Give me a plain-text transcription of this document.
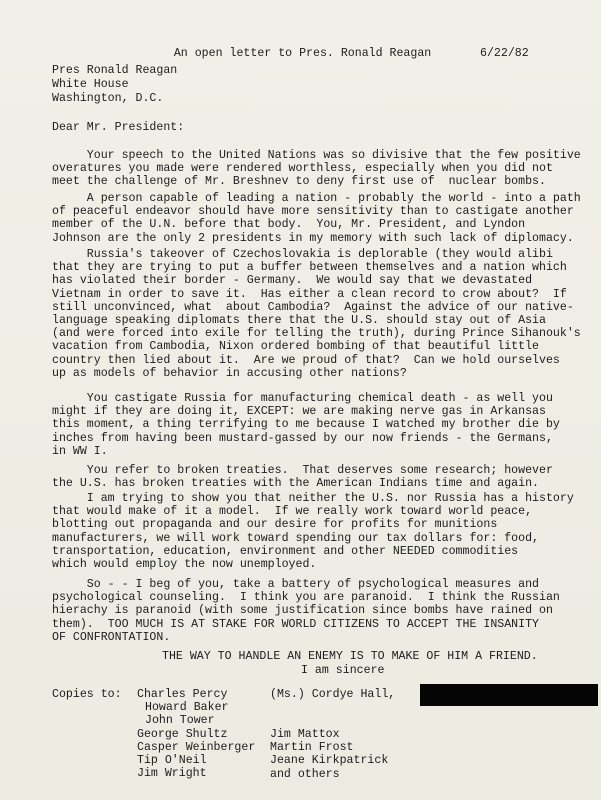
An open letter to Pres. Ronald Reagan	6/22/82

Pres Ronald Reagan
White House
Washington, D.C.
Dear Mr. President:
Your speech to the United Nations was so divisive that the few positive
overatures you made were rendered worthless, especially when you did not
meet the challenge of Mr. Breshnev to deny first use of  nuclear bombs.
A person capable of leading a nation - probably the world - into a path
of peaceful endeavor should have more sensitivity than to castigate another
member of the U.N. before that body.  You, Mr. President, and Lyndon
Johnson are the only 2 presidents in my memory with such lack of diplomacy.
Russia's takeover of Czechoslovakia is deplorable (they would alibi
that they are trying to put a buffer between themselves and a nation which
has violated their border - Germany.  We would say that we devastated
Vietnam in order to save it.  Has either a clean record to crow about?  If
still unconvinced, what  about Cambodia?  Against the advice of our native-
language speaking diplomats there that the U.S. should stay out of Asia
(and were forced into exile for telling the truth), during Prince Sihanouk's
vacation from Cambodia, Nixon ordered bombing of that beautiful little
country then lied about it.  Are we proud of that?  Can we hold ourselves
up as models of behavior in accusing other nations?
You castigate Russia for manufacturing chemical death - as well you
might if they are doing it, EXCEPT: we are making nerve gas in Arkansas
this moment, a thing terrifying to me because I watched my brother die by
inches from having been mustard-gassed by our now friends - the Germans,
in WW I.
You refer to broken treaties.  That deserves some research; however
the U.S. has broken treaties with the American Indians time and again.
I am trying to show you that neither the U.S. nor Russia has a history
that would make of it a model.  If we really work toward world peace,
blotting out propaganda and our desire for profits for munitions
manufacturers, we will work toward spending our tax dollars for: food,
transportation, education, environment and other NEEDED commodities
which would employ the now unemployed.
So - - I beg of you, take a battery of psychological measures and
psychological counseling.  I think you are paranoid.  I think the Russian
hierachy is paranoid (with some justification since bombs have rained on
them).  TOO MUCH IS AT STAKE FOR WORLD CITIZENS TO ACCEPT THE INSANITY
OF CONFRONTATION.
THE WAY TO HANDLE AN ENEMY IS TO MAKE OF HIM A FRIEND.
I am sincere
Copies to: Charles Percy
Howard Baker
John Tower
George Shultz
Casper Weinberger
Tip O'Neil
Jim Wright
(Ms.) Cordye Hall,
Jim Mattox
Martin Frost
Jeane Kirkpatrick
and others
